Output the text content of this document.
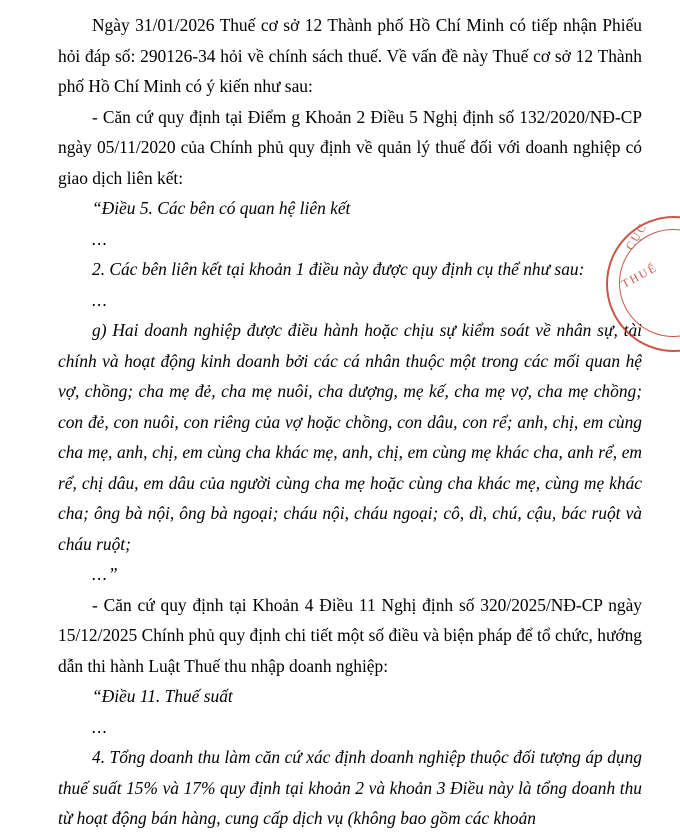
Ngày 31/01/2026 Thuế cơ sở 12 Thành phố Hồ Chí Minh có tiếp nhận Phiếu hỏi đáp số: 290126-34 hỏi về chính sách thuế. Về vấn đề này Thuế cơ sở 12 Thành phố Hồ Chí Minh có ý kiến như sau:

- Căn cứ quy định tại Điểm g Khoản 2 Điều 5 Nghị định số 132/2020/NĐ-CP ngày 05/11/2020 của Chính phủ quy định về quản lý thuế đối với doanh nghiệp có giao dịch liên kết:

“Điều 5. Các bên có quan hệ liên kết

...

2. Các bên liên kết tại khoản 1 điều này được quy định cụ thể như sau:

...

g) Hai doanh nghiệp được điều hành hoặc chịu sự kiểm soát về nhân sự, tài chính và hoạt động kinh doanh bởi các cá nhân thuộc một trong các mối quan hệ vợ, chồng; cha mẹ đẻ, cha mẹ nuôi, cha dượng, mẹ kế, cha mẹ vợ, cha mẹ chồng; con đẻ, con nuôi, con riêng của vợ hoặc chồng, con dâu, con rể; anh, chị, em cùng cha mẹ, anh, chị, em cùng cha khác mẹ, anh, chị, em cùng mẹ khác cha, anh rể, em rể, chị dâu, em dâu của người cùng cha mẹ hoặc cùng cha khác mẹ, cùng mẹ khác cha; ông bà nội, ông bà ngoại; cháu nội, cháu ngoại; cô, dì, chú, cậu, bác ruột và cháu ruột;

...”

- Căn cứ quy định tại Khoản 4 Điều 11 Nghị định số 320/2025/NĐ-CP ngày 15/12/2025 Chính phủ quy định chi tiết một số điều và biện pháp để tổ chức, hướng dẫn thi hành Luật Thuế thu nhập doanh nghiệp:

“Điều 11. Thuế suất

...

4. Tổng doanh thu làm căn cứ xác định doanh nghiệp thuộc đối tượng áp dụng thuế suất 15% và 17% quy định tại khoản 2 và khoản 3 Điều này là tổng doanh thu từ hoạt động bán hàng, cung cấp dịch vụ (không bao gồm các khoản

CỤC
THUẾ
